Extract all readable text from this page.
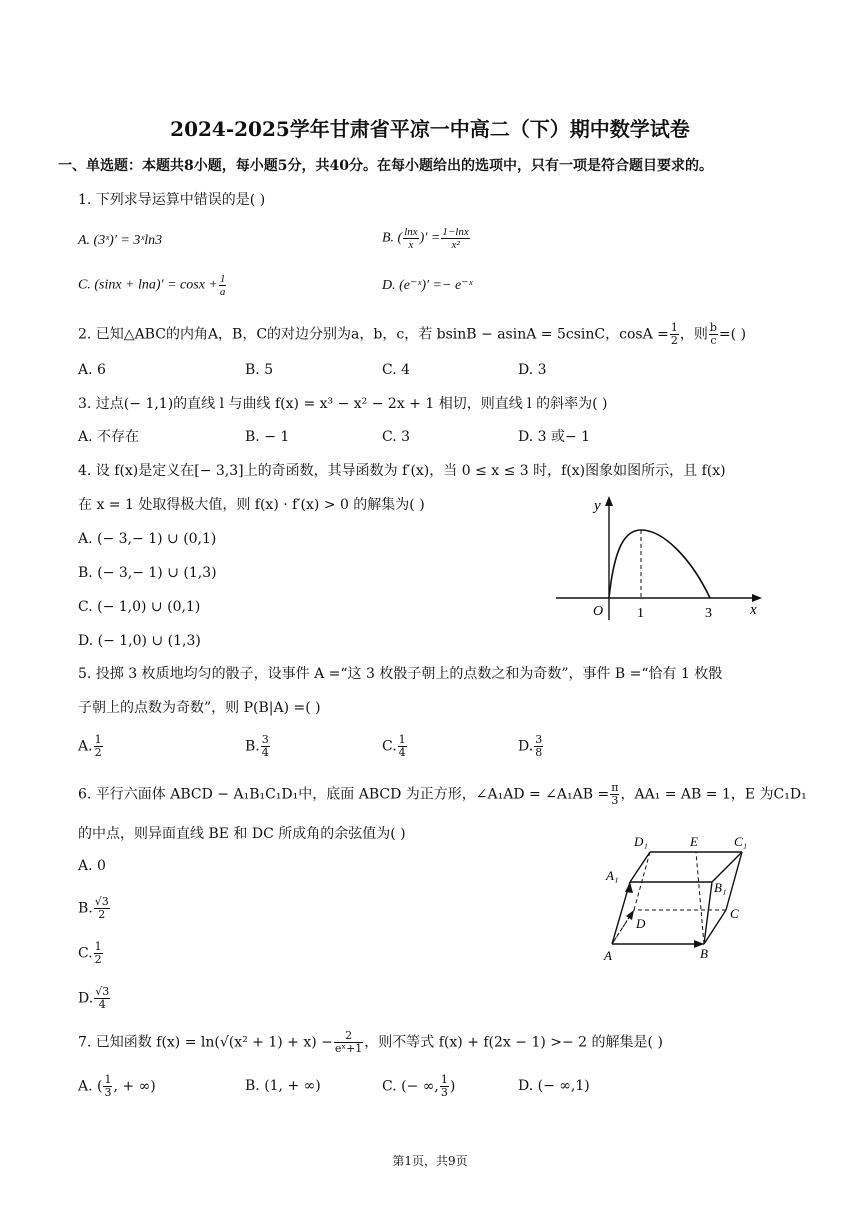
2024-2025学年甘肃省平凉一中高二（下）期中数学试卷
一、单选题：本题共8小题，每小题5分，共40分。在每小题给出的选项中，只有一项是符合题目要求的。
1. 下列求导运算中错误的是( )
A. (3ˣ)′ = 3ˣln3	B. ( $\frac{\ln x}{x}$ )′ = $\frac{1-\ln x}{\text{x²}}$
C. $(\sin x + \ln a)' = \cos x + \frac{1}{a}$	D. (e⁻ˣ)′ =− e⁻ˣ
2. 已知△ABC的内角A，B，C的对边分别为a，b，c，若 bsinB − asinA = 5csinC，$\cos A = \frac{1}{2}$ ，则 $\frac{b}{c}$ =( )
A. 6	B. 5	C. 4	D. 3
3. 过点(− 1,1)的直线 l 与曲线 f(x) = x³ − x² − 2x + 1 相切，则直线 l 的斜率为( )
A. 不存在	B. − 1	C. 3	D. 3 或− 1
4. 设 f(x)是定义在[− 3,3]上的奇函数，其导函数为 f′(x)，当 0 ≤ x ≤ 3 时，f(x)图象如图所示，且 f(x)
在 x = 1 处取得极大值，则 f(x) · f′(x) > 0 的解集为( )
A. (− 3,− 1) ∪ (0,1)
B. (− 3,− 1) ∪ (1,3)
C. (− 1,0) ∪ (0,1)
D. (− 1,0) ∪ (1,3)
y
x
O 1	3
5. 投掷 3 枚质地均匀的骰子，设事件 A =“这 3 枚骰子朝上的点数之和为奇数”，事件 B =“恰有 1 枚骰
子朝上的点数为奇数”，则 P(B|A) =( )
A. $\frac{1}{2}$	B. $\frac{3}{4}$	C. $\frac{1}{4}$	D. $\frac{3}{8}$
6. 平行六面体 ABCD − A₁B₁C₁D₁中，底面 ABCD 为正方形，∠A₁AD = ∠A₁AB = $\frac{\pi}{3}$ ，AA₁ = AB = 1，E 为C₁D₁
的中点，则异面直线 BE 和 DC 所成角的余弦值为( )
A. 0
B. $\frac{√3}{2}$
C. $\frac{1}{2}$
D. $\frac{√3}{4}$
A	B
C
D
A₁
B₁
C₁
D₁	E
7. 已知函数 $f(x) = \ln(√(x^2 + 1) + x) - \frac{2}{\text{eˣ+1}}$ ，则不等式 f(x) + f(2x − 1) >− 2 的解集是( )
A. ( $\frac{1}{3}$ , + ∞)	B. (1, + ∞)	C. (− ∞, $\frac{1}{3}$ )	D. (− ∞,1)
第1页，共9页
